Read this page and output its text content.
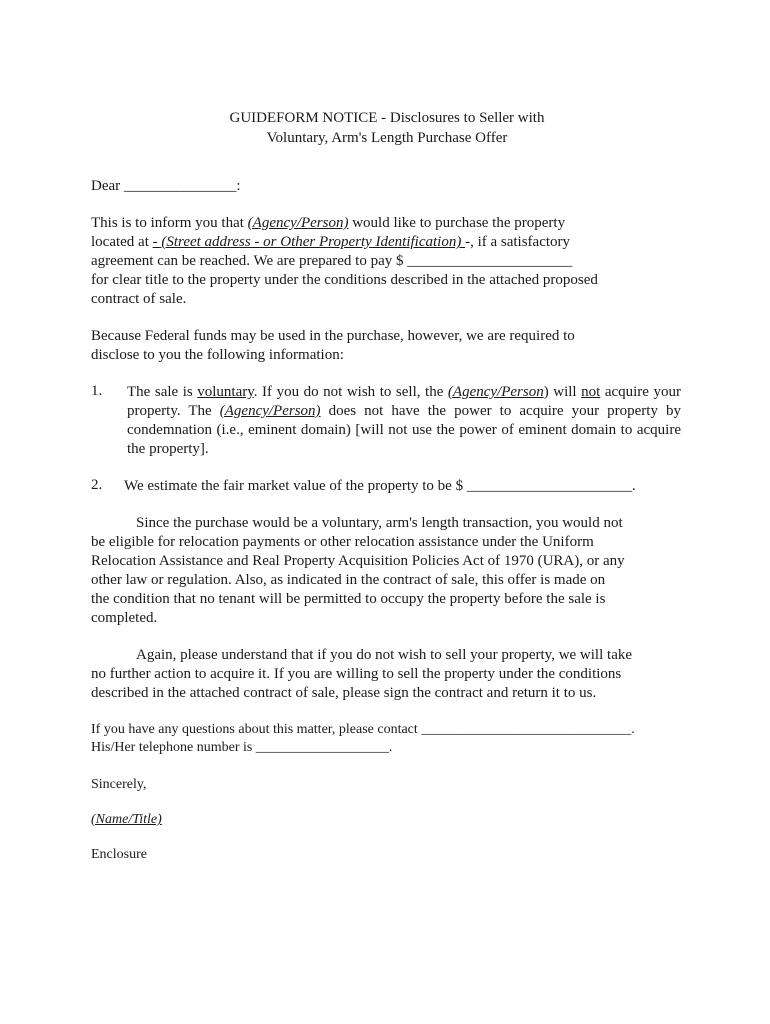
GUIDEFORM NOTICE - Disclosures to Seller with
Voluntary, Arm's Length Purchase Offer

Dear _______________:

This is to inform you that (Agency/Person) would like to purchase the property
located at - (Street address - or Other Property Identification) -, if a satisfactory
agreement can be reached. We are prepared to pay $ ______________________
for clear title to the property under the conditions described in the attached proposed
contract of sale.

Because Federal funds may be used in the purchase, however, we are required to
disclose to you the following information:

1.	The sale is voluntary. If you do not wish to sell, the (Agency/Person) will not acquire your property. The (Agency/Person) does not have the power to acquire your property by condemnation (i.e., eminent domain) [will not use the power of eminent domain to acquire the property].
2.	We estimate the fair market value of the property to be $ ______________________.

Since the purchase would be a voluntary, arm's length transaction, you would not
be eligible for relocation payments or other relocation assistance under the Uniform
Relocation Assistance and Real Property Acquisition Policies Act of 1970 (URA), or any
other law or regulation. Also, as indicated in the contract of sale, this offer is made on
the condition that no tenant will be permitted to occupy the property before the sale is
completed.

Again, please understand that if you do not wish to sell your property, we will take
no further action to acquire it. If you are willing to sell the property under the conditions
described in the attached contract of sale, please sign the contract and return it to us.

If you have any questions about this matter, please contact ______________________________.
His/Her telephone number is ___________________.

Sincerely,

(Name/Title)

Enclosure
